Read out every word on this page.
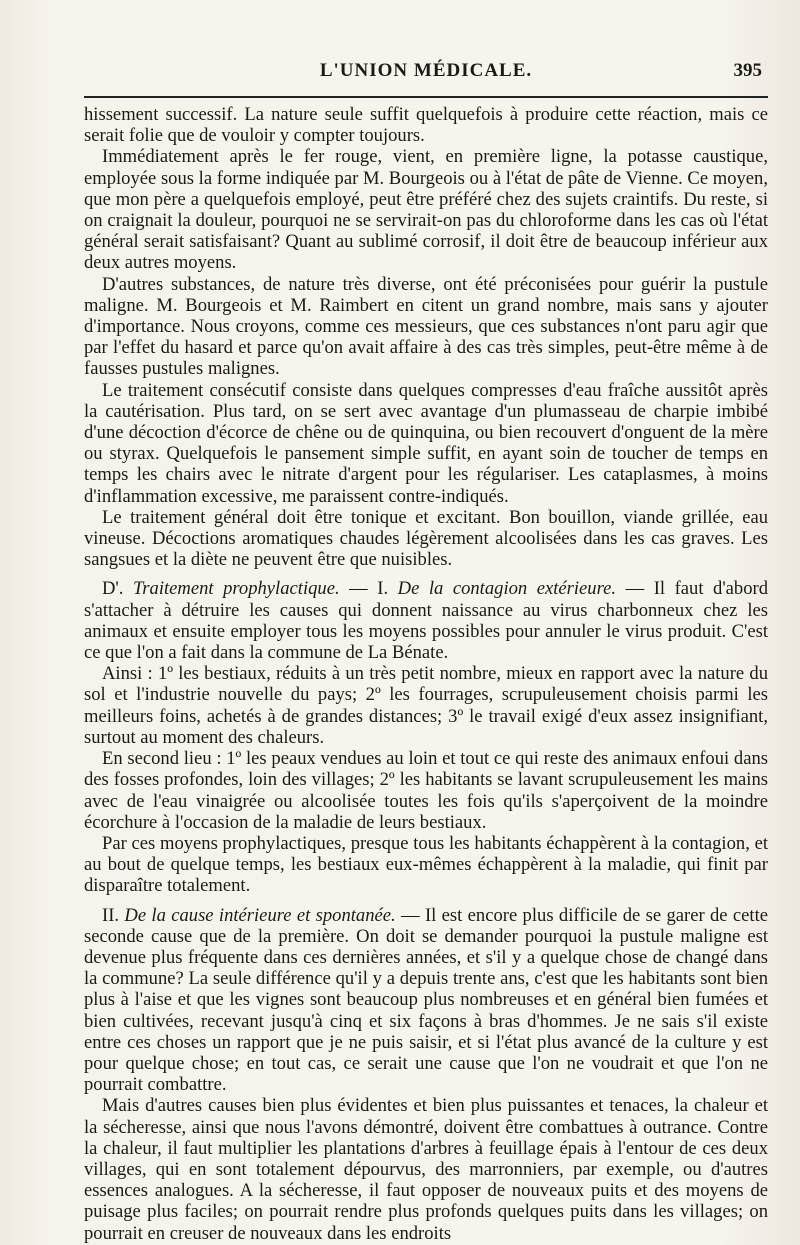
L'UNION MÉDICALE.	395

hissement successif. La nature seule suffit quelquefois à produire cette réaction, mais ce serait folie que de vouloir y compter toujours.

Immédiatement après le fer rouge, vient, en première ligne, la potasse caustique, employée sous la forme indiquée par M. Bourgeois ou à l'état de pâte de Vienne. Ce moyen, que mon père a quelquefois employé, peut être préféré chez des sujets craintifs. Du reste, si on craignait la douleur, pourquoi ne se servirait-on pas du chloroforme dans les cas où l'état général serait satisfaisant? Quant au sublimé corrosif, il doit être de beaucoup inférieur aux deux autres moyens.

D'autres substances, de nature très diverse, ont été préconisées pour guérir la pustule maligne. M. Bourgeois et M. Raimbert en citent un grand nombre, mais sans y ajouter d'importance. Nous croyons, comme ces messieurs, que ces substances n'ont paru agir que par l'effet du hasard et parce qu'on avait affaire à des cas très simples, peut-être même à de fausses pustules malignes.

Le traitement consécutif consiste dans quelques compresses d'eau fraîche aussitôt après la cautérisation. Plus tard, on se sert avec avantage d'un plumasseau de charpie imbibé d'une décoction d'écorce de chêne ou de quinquina, ou bien recouvert d'onguent de la mère ou styrax. Quelquefois le pansement simple suffit, en ayant soin de toucher de temps en temps les chairs avec le nitrate d'argent pour les régulariser. Les cataplasmes, à moins d'inflammation excessive, me paraissent contre-indiqués.

Le traitement général doit être tonique et excitant. Bon bouillon, viande grillée, eau vineuse. Décoctions aromatiques chaudes légèrement alcoolisées dans les cas graves. Les sangsues et la diète ne peuvent être que nuisibles.

D'. Traitement prophylactique. — I. De la contagion extérieure. — Il faut d'abord s'attacher à détruire les causes qui donnent naissance au virus charbonneux chez les animaux et ensuite employer tous les moyens possibles pour annuler le virus produit. C'est ce que l'on a fait dans la commune de La Bénate.

Ainsi : 1º les bestiaux, réduits à un très petit nombre, mieux en rapport avec la nature du sol et l'industrie nouvelle du pays; 2º les fourrages, scrupuleusement choisis parmi les meilleurs foins, achetés à de grandes distances; 3º le travail exigé d'eux assez insignifiant, surtout au moment des chaleurs.

En second lieu : 1º les peaux vendues au loin et tout ce qui reste des animaux enfoui dans des fosses profondes, loin des villages; 2º les habitants se lavant scrupuleusement les mains avec de l'eau vinaigrée ou alcoolisée toutes les fois qu'ils s'aperçoivent de la moindre écorchure à l'occasion de la maladie de leurs bestiaux.

Par ces moyens prophylactiques, presque tous les habitants échappèrent à la contagion, et au bout de quelque temps, les bestiaux eux-mêmes échappèrent à la maladie, qui finit par disparaître totalement.

II. De la cause intérieure et spontanée. — Il est encore plus difficile de se garer de cette seconde cause que de la première. On doit se demander pourquoi la pustule maligne est devenue plus fréquente dans ces dernières années, et s'il y a quelque chose de changé dans la commune? La seule différence qu'il y a depuis trente ans, c'est que les habitants sont bien plus à l'aise et que les vignes sont beaucoup plus nombreuses et en général bien fumées et bien cultivées, recevant jusqu'à cinq et six façons à bras d'hommes. Je ne sais s'il existe entre ces choses un rapport que je ne puis saisir, et si l'état plus avancé de la culture y est pour quelque chose; en tout cas, ce serait une cause que l'on ne voudrait et que l'on ne pourrait combattre.

Mais d'autres causes bien plus évidentes et bien plus puissantes et tenaces, la chaleur et la sécheresse, ainsi que nous l'avons démontré, doivent être combattues à outrance. Contre la chaleur, il faut multiplier les plantations d'arbres à feuillage épais à l'entour de ces deux villages, qui en sont totalement dépourvus, des marronniers, par exemple, ou d'autres essences analogues. A la sécheresse, il faut opposer de nouveaux puits et des moyens de puisage plus faciles; on pourrait rendre plus profonds quelques puits dans les villages; on pourrait en creuser de nouveaux dans les endroits
